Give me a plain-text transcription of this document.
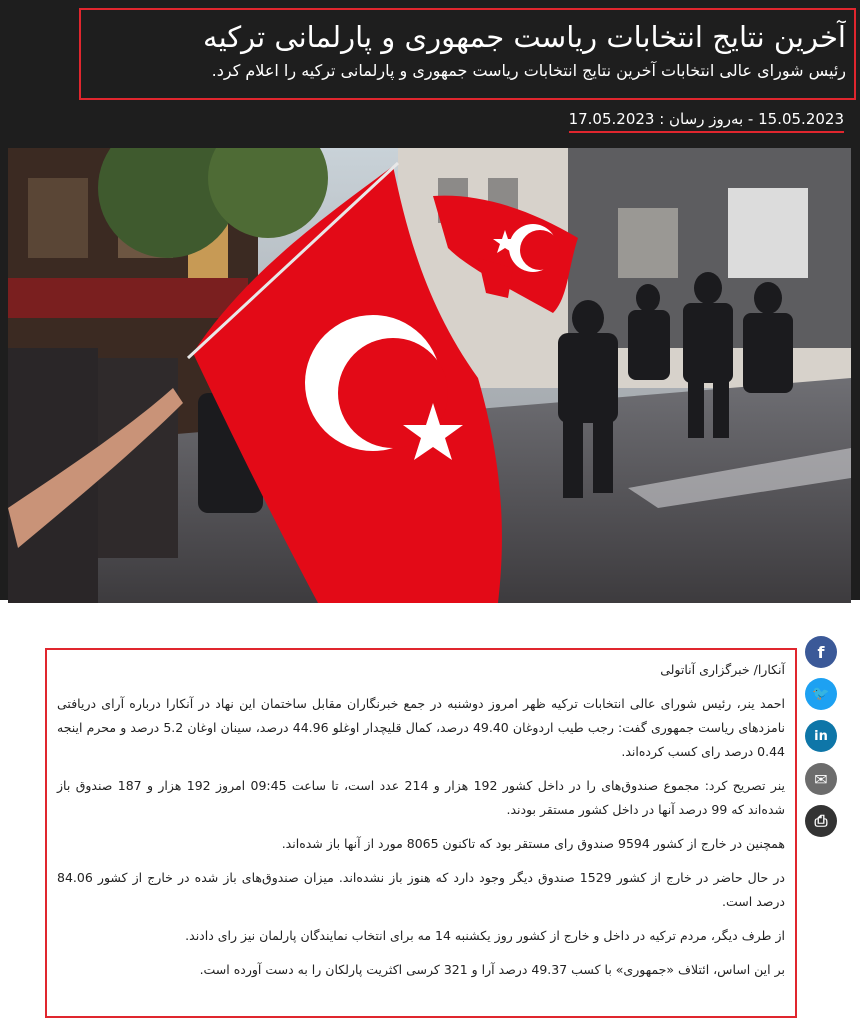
آخرین نتایج انتخابات ریاست جمهوری و پارلمانی ترکیه
رئیس شورای عالی انتخابات آخرین نتایج انتخابات ریاست جمهوری و پارلمانی ترکیه را اعلام کرد.
15.05.2023 - به‌روز رسان : 17.05.2023
f
🐦
in
✉
⎙

آنکارا/ خبرگزاری آناتولی

احمد ینر، رئیس شورای عالی انتخابات ترکیه ظهر امروز دوشنبه در جمع خبرنگاران مقابل ساختمان این نهاد در آنکارا درباره آرای دریافتی نامزدهای ریاست جمهوری گفت: رجب طیب اردوغان 49.40 درصد، کمال قلیچدار اوغلو 44.96 درصد، سینان اوغان 5.2 درصد و محرم اینجه 0.44 درصد رای کسب کرده‌اند.

ینر تصریح کرد: مجموع صندوق‌های را در داخل کشور 192 هزار و 214 عدد است، تا ساعت 09:45 امروز 192 هزار و 187 صندوق باز شده‌اند که 99 درصد آنها در داخل کشور مستقر بودند.

همچنین در خارج از کشور 9594 صندوق رای مستقر بود که تاکنون 8065 مورد از آنها باز شده‌اند.

در حال حاضر در خارج از کشور 1529 صندوق دیگر وجود دارد که هنوز باز نشده‌اند. میزان صندوق‌های باز شده در خارج از کشور 84.06 درصد است.

از طرف دیگر، مردم ترکیه در داخل و خارج از کشور روز یکشنبه 14 مه برای انتخاب نمایندگان پارلمان نیز رای دادند.

بر این اساس، ائتلاف «جمهوری» با کسب 49.37 درصد آرا و 321 کرسی اکثریت پارلکان را به دست آورده است.
